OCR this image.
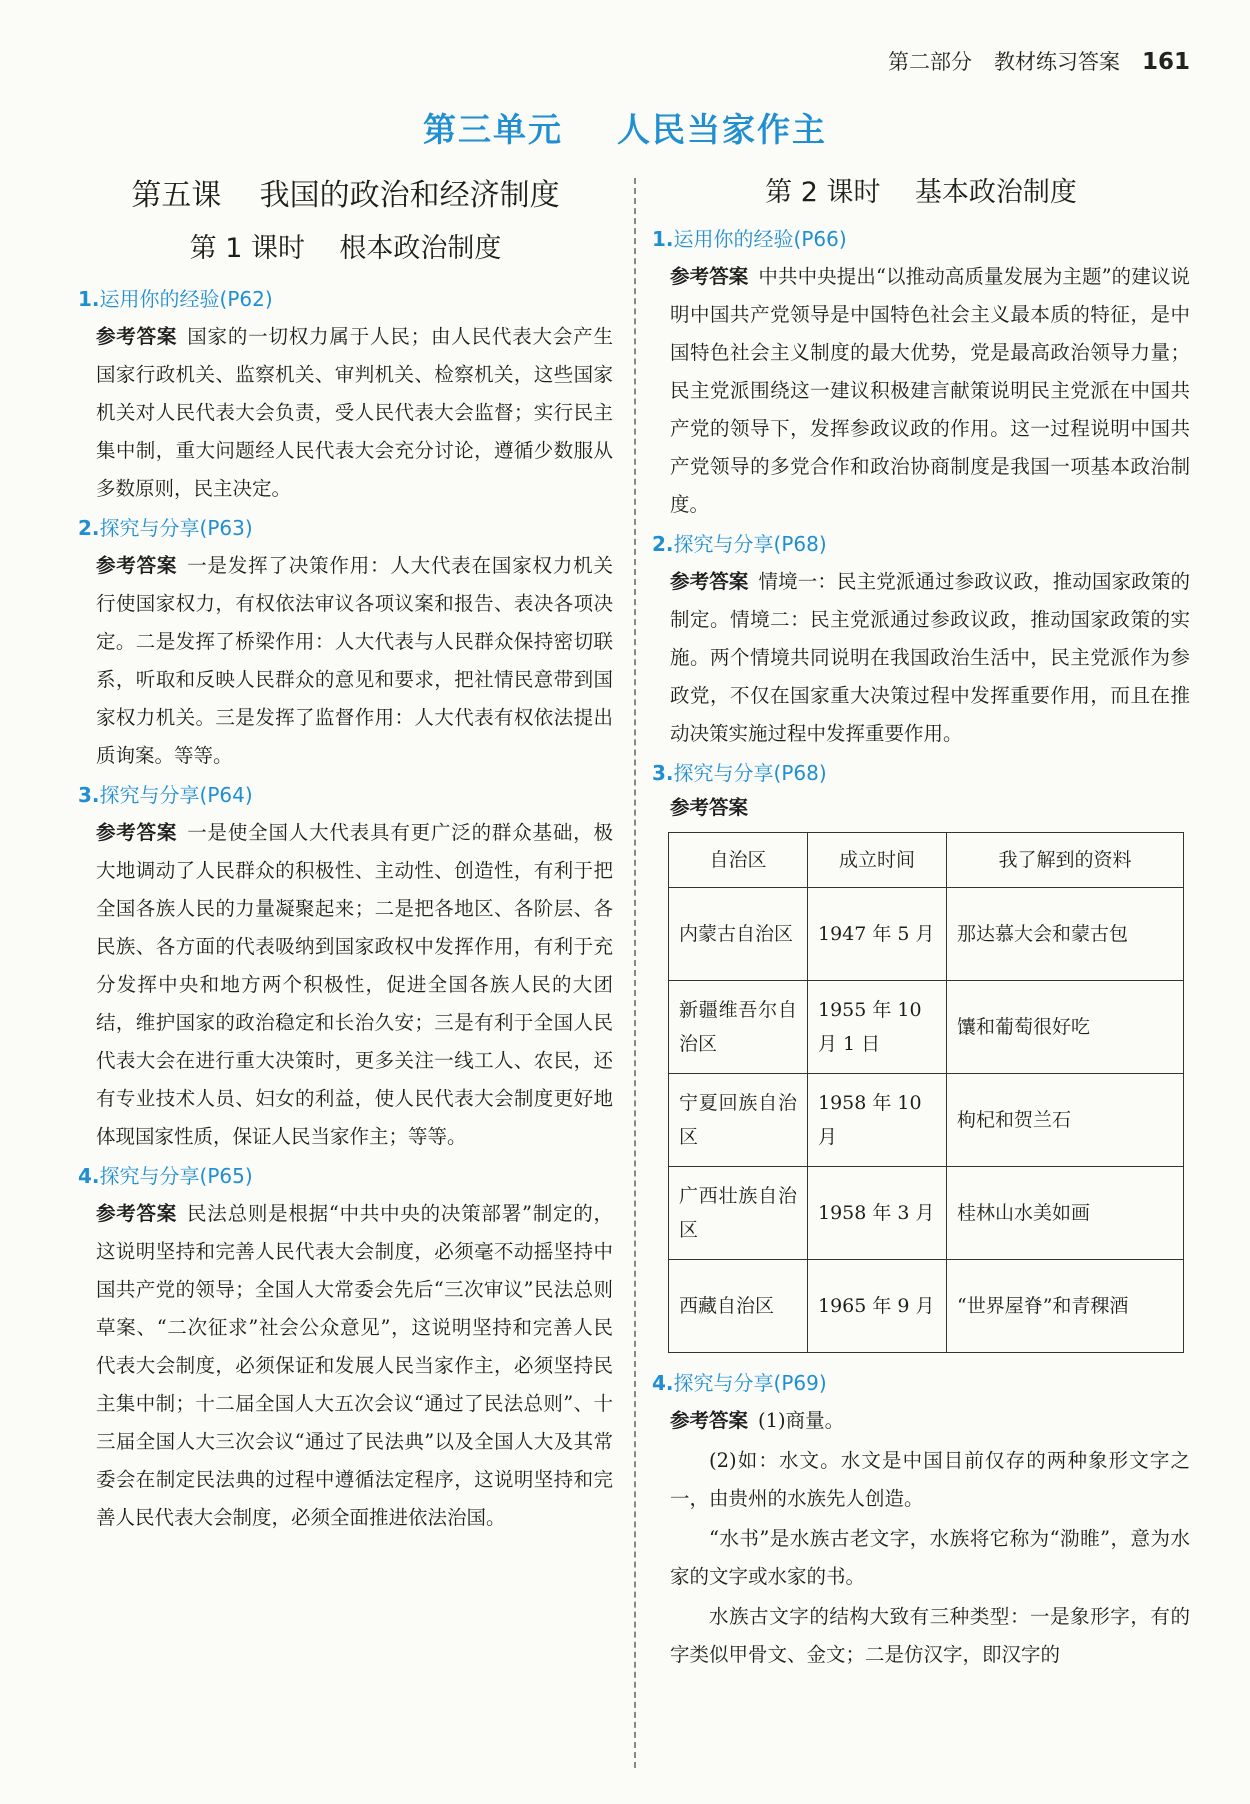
第二部分 教材练习答案 161
第三单元    人民当家作主
第五课    我国的政治和经济制度
第 1 课时    根本政治制度
1.运用你的经验(P62)

参考答案 国家的一切权力属于人民；由人民代表大会产生国家行政机关、监察机关、审判机关、检察机关，这些国家机关对人民代表大会负责，受人民代表大会监督；实行民主集中制，重大问题经人民代表大会充分讨论，遵循少数服从多数原则，民主决定。

2.探究与分享(P63)

参考答案 一是发挥了决策作用：人大代表在国家权力机关行使国家权力，有权依法审议各项议案和报告、表决各项决定。二是发挥了桥梁作用：人大代表与人民群众保持密切联系，听取和反映人民群众的意见和要求，把社情民意带到国家权力机关。三是发挥了监督作用：人大代表有权依法提出质询案。等等。

3.探究与分享(P64)

参考答案 一是使全国人大代表具有更广泛的群众基础，极大地调动了人民群众的积极性、主动性、创造性，有利于把全国各族人民的力量凝聚起来；二是把各地区、各阶层、各民族、各方面的代表吸纳到国家政权中发挥作用，有利于充分发挥中央和地方两个积极性，促进全国各族人民的大团结，维护国家的政治稳定和长治久安；三是有利于全国人民代表大会在进行重大决策时，更多关注一线工人、农民，还有专业技术人员、妇女的利益，使人民代表大会制度更好地体现国家性质，保证人民当家作主；等等。

4.探究与分享(P65)

参考答案 民法总则是根据“中共中央的决策部署”制定的，这说明坚持和完善人民代表大会制度，必须毫不动摇坚持中国共产党的领导；全国人大常委会先后“三次审议”民法总则草案、“二次征求”社会公众意见”，这说明坚持和完善人民代表大会制度，必须保证和发展人民当家作主，必须坚持民主集中制；十二届全国人大五次会议“通过了民法总则”、十三届全国人大三次会议“通过了民法典”以及全国人大及其常委会在制定民法典的过程中遵循法定程序，这说明坚持和完善人民代表大会制度，必须全面推进依法治国。

第 2 课时    基本政治制度
1.运用你的经验(P66)

参考答案 中共中央提出“以推动高质量发展为主题”的建议说明中国共产党领导是中国特色社会主义最本质的特征，是中国特色社会主义制度的最大优势，党是最高政治领导力量；民主党派围绕这一建议积极建言献策说明民主党派在中国共产党的领导下，发挥参政议政的作用。这一过程说明中国共产党领导的多党合作和政治协商制度是我国一项基本政治制度。

2.探究与分享(P68)

参考答案 情境一：民主党派通过参政议政，推动国家政策的制定。情境二：民主党派通过参政议政，推动国家政策的实施。两个情境共同说明在我国政治生活中，民主党派作为参政党，不仅在国家重大决策过程中发挥重要作用，而且在推动决策实施过程中发挥重要作用。

3.探究与分享(P68)
参考答案
自治区	成立时间	我了解到的资料
内蒙古自治区	1947 年 5 月	那达慕大会和蒙古包
新疆维吾尔自治区	1955 年 10 月 1 日	馕和葡萄很好吃
宁夏回族自治区	1958 年 10 月	枸杞和贺兰石
广西壮族自治区	1958 年 3 月	桂林山水美如画
西藏自治区	1965 年 9 月	“世界屋脊”和青稞酒
4.探究与分享(P69)

参考答案 (1)商量。

(2)如：水文。水文是中国目前仅存的两种象形文字之一，由贵州的水族先人创造。

“水书”是水族古老文字，水族将它称为“泐睢”，意为水家的文字或水家的书。

水族古文字的结构大致有三种类型：一是象形字，有的字类似甲骨文、金文；二是仿汉字，即汉字的
